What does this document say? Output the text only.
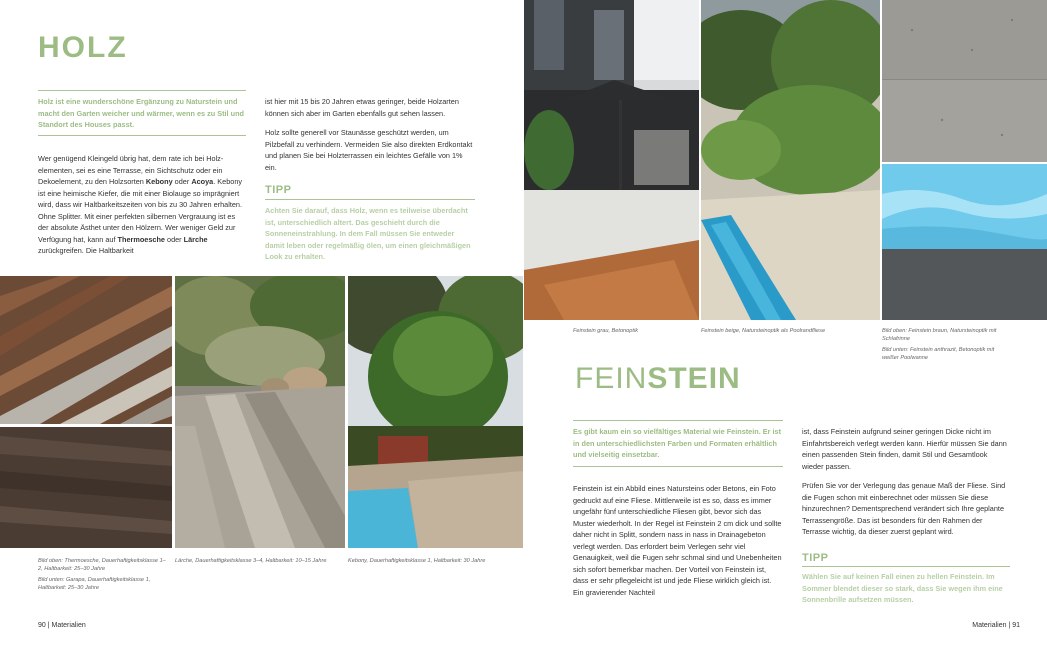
HOLZ
Holz ist eine wunderschöne Ergänzung zu Naturstein und macht den Garten weicher und wärmer, wenn es zu Stil und Standort des Houses passt.

Wer genügend Kleingeld übrig hat, dem rate ich bei Holz-elementen, sei es eine Terrasse, ein Sichtschutz oder ein Dekoelement, zu den Holzsorten Kebony oder Acoya. Kebony ist eine heimische Kiefer, die mit einer Biolauge so imprägniert wird, dass wir Haltbarkeitszeiten von bis zu 30 Jahren erhalten. Ohne Splitter. Mit einer perfekten silbernen Vergrauung ist es der absolute Ästhet unter den Hölzern. Wer weniger Geld zur Verfügung hat, kann auf Thermoesche oder Lärche zurückgreifen. Die Haltbarkeit

ist hier mit 15 bis 20 Jahren etwas geringer, beide Holzarten können sich aber im Garten ebenfalls gut sehen lassen.

Holz sollte generell vor Staunässe geschützt werden, um Pilzbefall zu verhindern. Vermeiden Sie also direkten Erdkontakt und planen Sie bei Holzterrassen ein leichtes Gefälle von 1% ein.

TIPP
Achten Sie darauf, dass Holz, wenn es teilweise überdacht ist, unterschiedlich altert. Das geschieht durch die Sonneneinstrahlung. In dem Fall müssen Sie entweder damit leben oder regelmäßig ölen, um einen gleichmäßigen Look zu erhalten.
Bild oben: Thermoesche, Dauerhaftigkeitsklasse 1–2, Haltbarkeit: 25–30 Jahre
Bild unten: Garapa, Dauerhaftigkeitsklasse 1, Haltbarkeit: 25–30 Jahre
Lärche, Dauerhaftigkeitsklasse 3–4, Haltbarkeit: 10–15 Jahre	Kebony, Dauerhaftigkeitsklasse 1, Haltbarkeit: 30 Jahre
90 | Materialien
Feinstein grau, Betonoptik	Feinstein beige, Natursteinoptik als Poolrandfliese	Bild oben: Feinstein braun, Natursteinoptik mit Schlafrinne
Bild unten: Feinstein anthrazit, Betonoptik mit weißer Poolwanne
FEINSTEIN
Es gibt kaum ein so vielfältiges Material wie Feinstein. Er ist in den unterschiedlichsten Farben und Formaten erhältlich und vielseitig einsetzbar.

Feinstein ist ein Abbild eines Natursteins oder Betons, ein Foto gedruckt auf eine Fliese. Mittlerweile ist es so, dass es immer ungefähr fünf unterschiedliche Fliesen gibt, bevor sich das Muster wiederholt. In der Regel ist Feinstein 2 cm dick und sollte daher nicht in Splitt, sondern nass in nass in Drainagebeton verlegt werden. Das erfordert beim Verlegen sehr viel Genauigkeit, weil die Fugen sehr schmal sind und Unebenheiten sich sofort bemerkbar machen. Der Vorteil von Feinstein ist, dass er sehr pflegeleicht ist und jede Fliese wirklich gleich ist. Ein gravierender Nachteil

ist, dass Feinstein aufgrund seiner geringen Dicke nicht im Einfahrtsbereich verlegt werden kann. Hierfür müssen Sie dann einen passenden Stein finden, damit Stil und Gesamtlook wieder passen.

Prüfen Sie vor der Verlegung das genaue Maß der Fliese. Sind die Fugen schon mit einberechnet oder müssen Sie diese hinzurechnen? Dementsprechend verändert sich Ihre geplante Terrassengröße. Das ist besonders für den Rahmen der Terrasse wichtig, da dieser zuerst geplant wird.

TIPP
Wählen Sie auf keinen Fall einen zu hellen Feinstein. Im Sommer blendet dieser so stark, dass Sie wegen ihm eine Sonnenbrille aufsetzen müssen.
Materialien | 91
